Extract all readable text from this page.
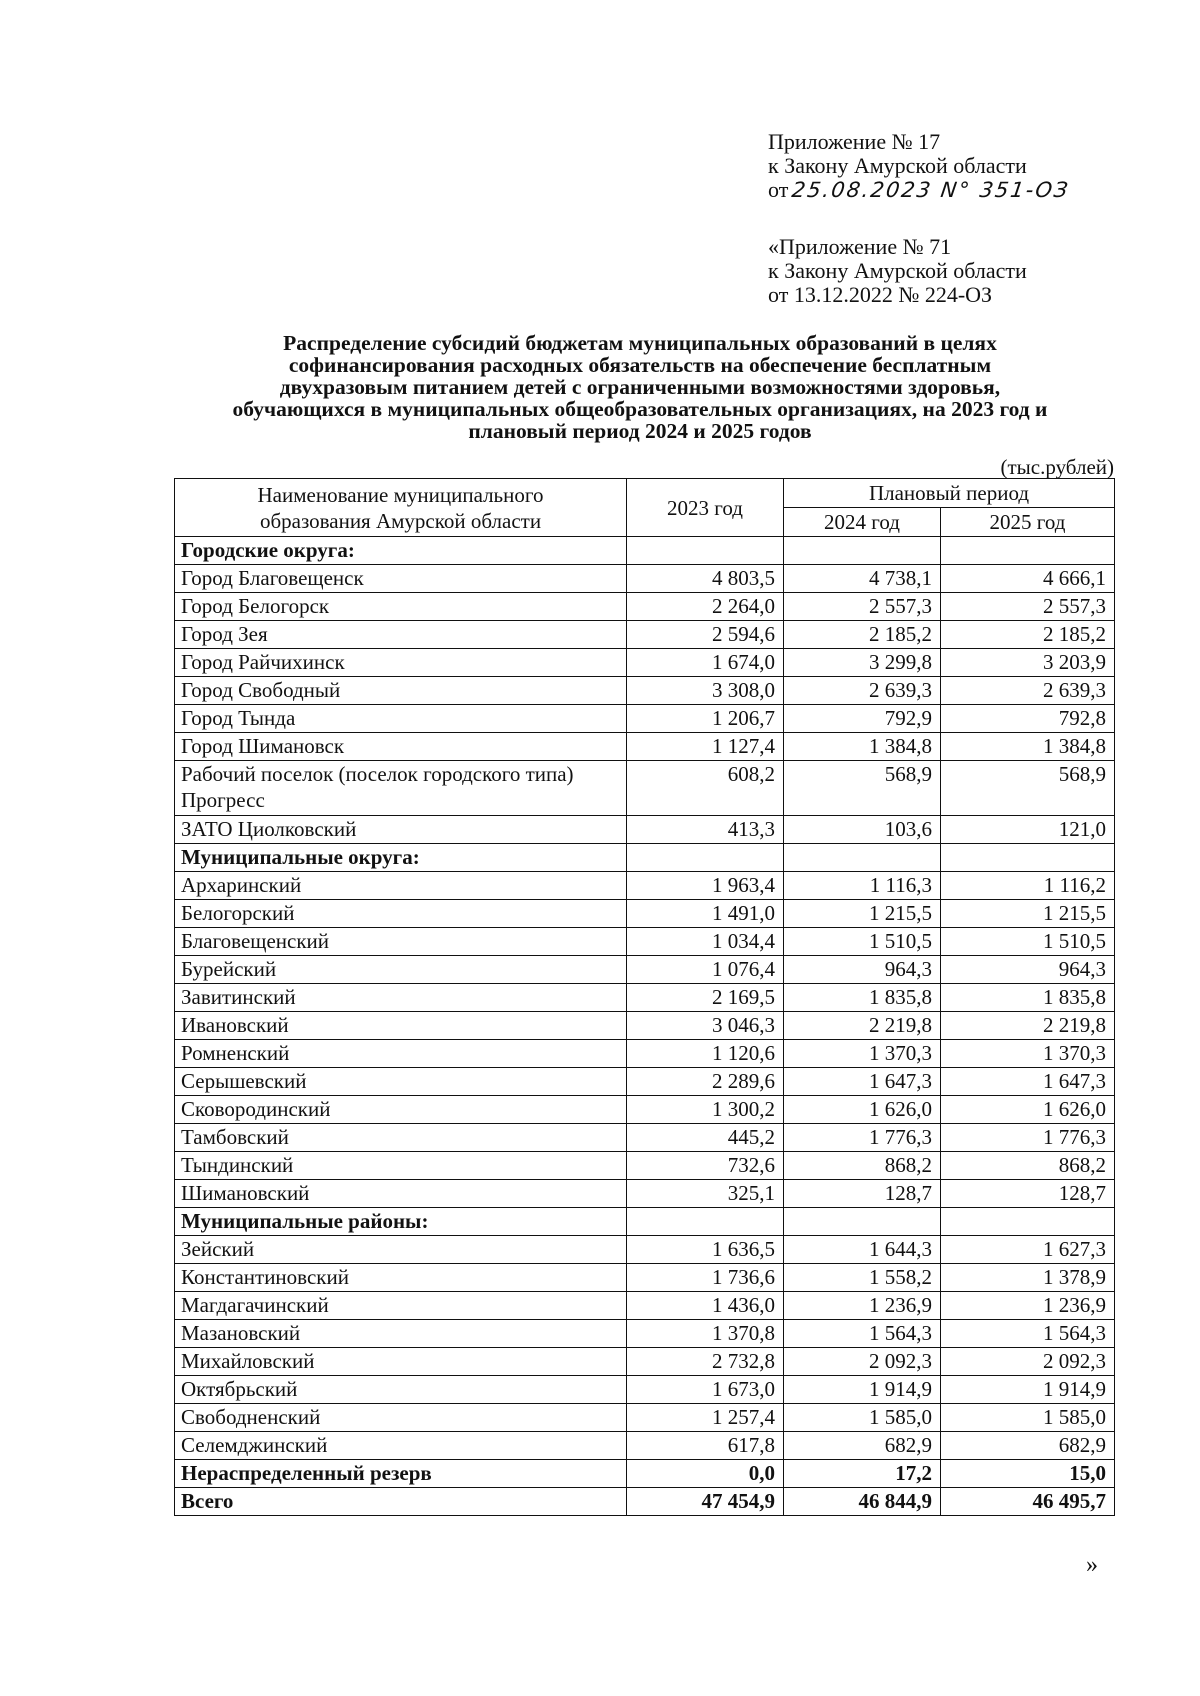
Приложение № 17
к Закону Амурской области
от 25.08.2023 N° 351-ОЗ
«Приложение № 71
к Закону Амурской области
от 13.12.2022 № 224-ОЗ
Распределение субсидий бюджетам муниципальных образований в целях
софинансирования расходных обязательств на обеспечение бесплатным
двухразовым питанием детей с ограниченными возможностями здоровья,
обучающихся в муниципальных общеобразовательных организациях, на 2023 год и
плановый период 2024 и 2025 годов
(тыс.рублей)
Наименование муниципального
образования Амурской области	2023 год	Плановый период	
		2024 год	2025 год
Городские округа:			
Город Благовещенск	4 803,5	4 738,1	4 666,1
Город Белогорск	2 264,0	2 557,3	2 557,3
Город Зея	2 594,6	2 185,2	2 185,2
Город Райчихинск	1 674,0	3 299,8	3 203,9
Город Свободный	3 308,0	2 639,3	2 639,3
Город Тында	1 206,7	792,9	792,8
Город Шимановск	1 127,4	1 384,8	1 384,8
Рабочий поселок (поселок городского типа) Прогресс	608,2	568,9	568,9
ЗАТО Циолковский	413,3	103,6	121,0
Муниципальные округа:			
Архаринский	1 963,4	1 116,3	1 116,2
Белогорский	1 491,0	1 215,5	1 215,5
Благовещенский	1 034,4	1 510,5	1 510,5
Бурейский	1 076,4	964,3	964,3
Завитинский	2 169,5	1 835,8	1 835,8
Ивановский	3 046,3	2 219,8	2 219,8
Ромненский	1 120,6	1 370,3	1 370,3
Серышевский	2 289,6	1 647,3	1 647,3
Сковородинский	1 300,2	1 626,0	1 626,0
Тамбовский	445,2	1 776,3	1 776,3
Тындинский	732,6	868,2	868,2
Шимановский	325,1	128,7	128,7
Муниципальные районы:			
Зейский	1 636,5	1 644,3	1 627,3
Константиновский	1 736,6	1 558,2	1 378,9
Магдагачинский	1 436,0	1 236,9	1 236,9
Мазановский	1 370,8	1 564,3	1 564,3
Михайловский	2 732,8	2 092,3	2 092,3
Октябрьский	1 673,0	1 914,9	1 914,9
Свободненский	1 257,4	1 585,0	1 585,0
Селемджинский	617,8	682,9	682,9
Нераспределенный резерв	0,0	17,2	15,0
Всего	47 454,9	46 844,9	46 495,7
»
